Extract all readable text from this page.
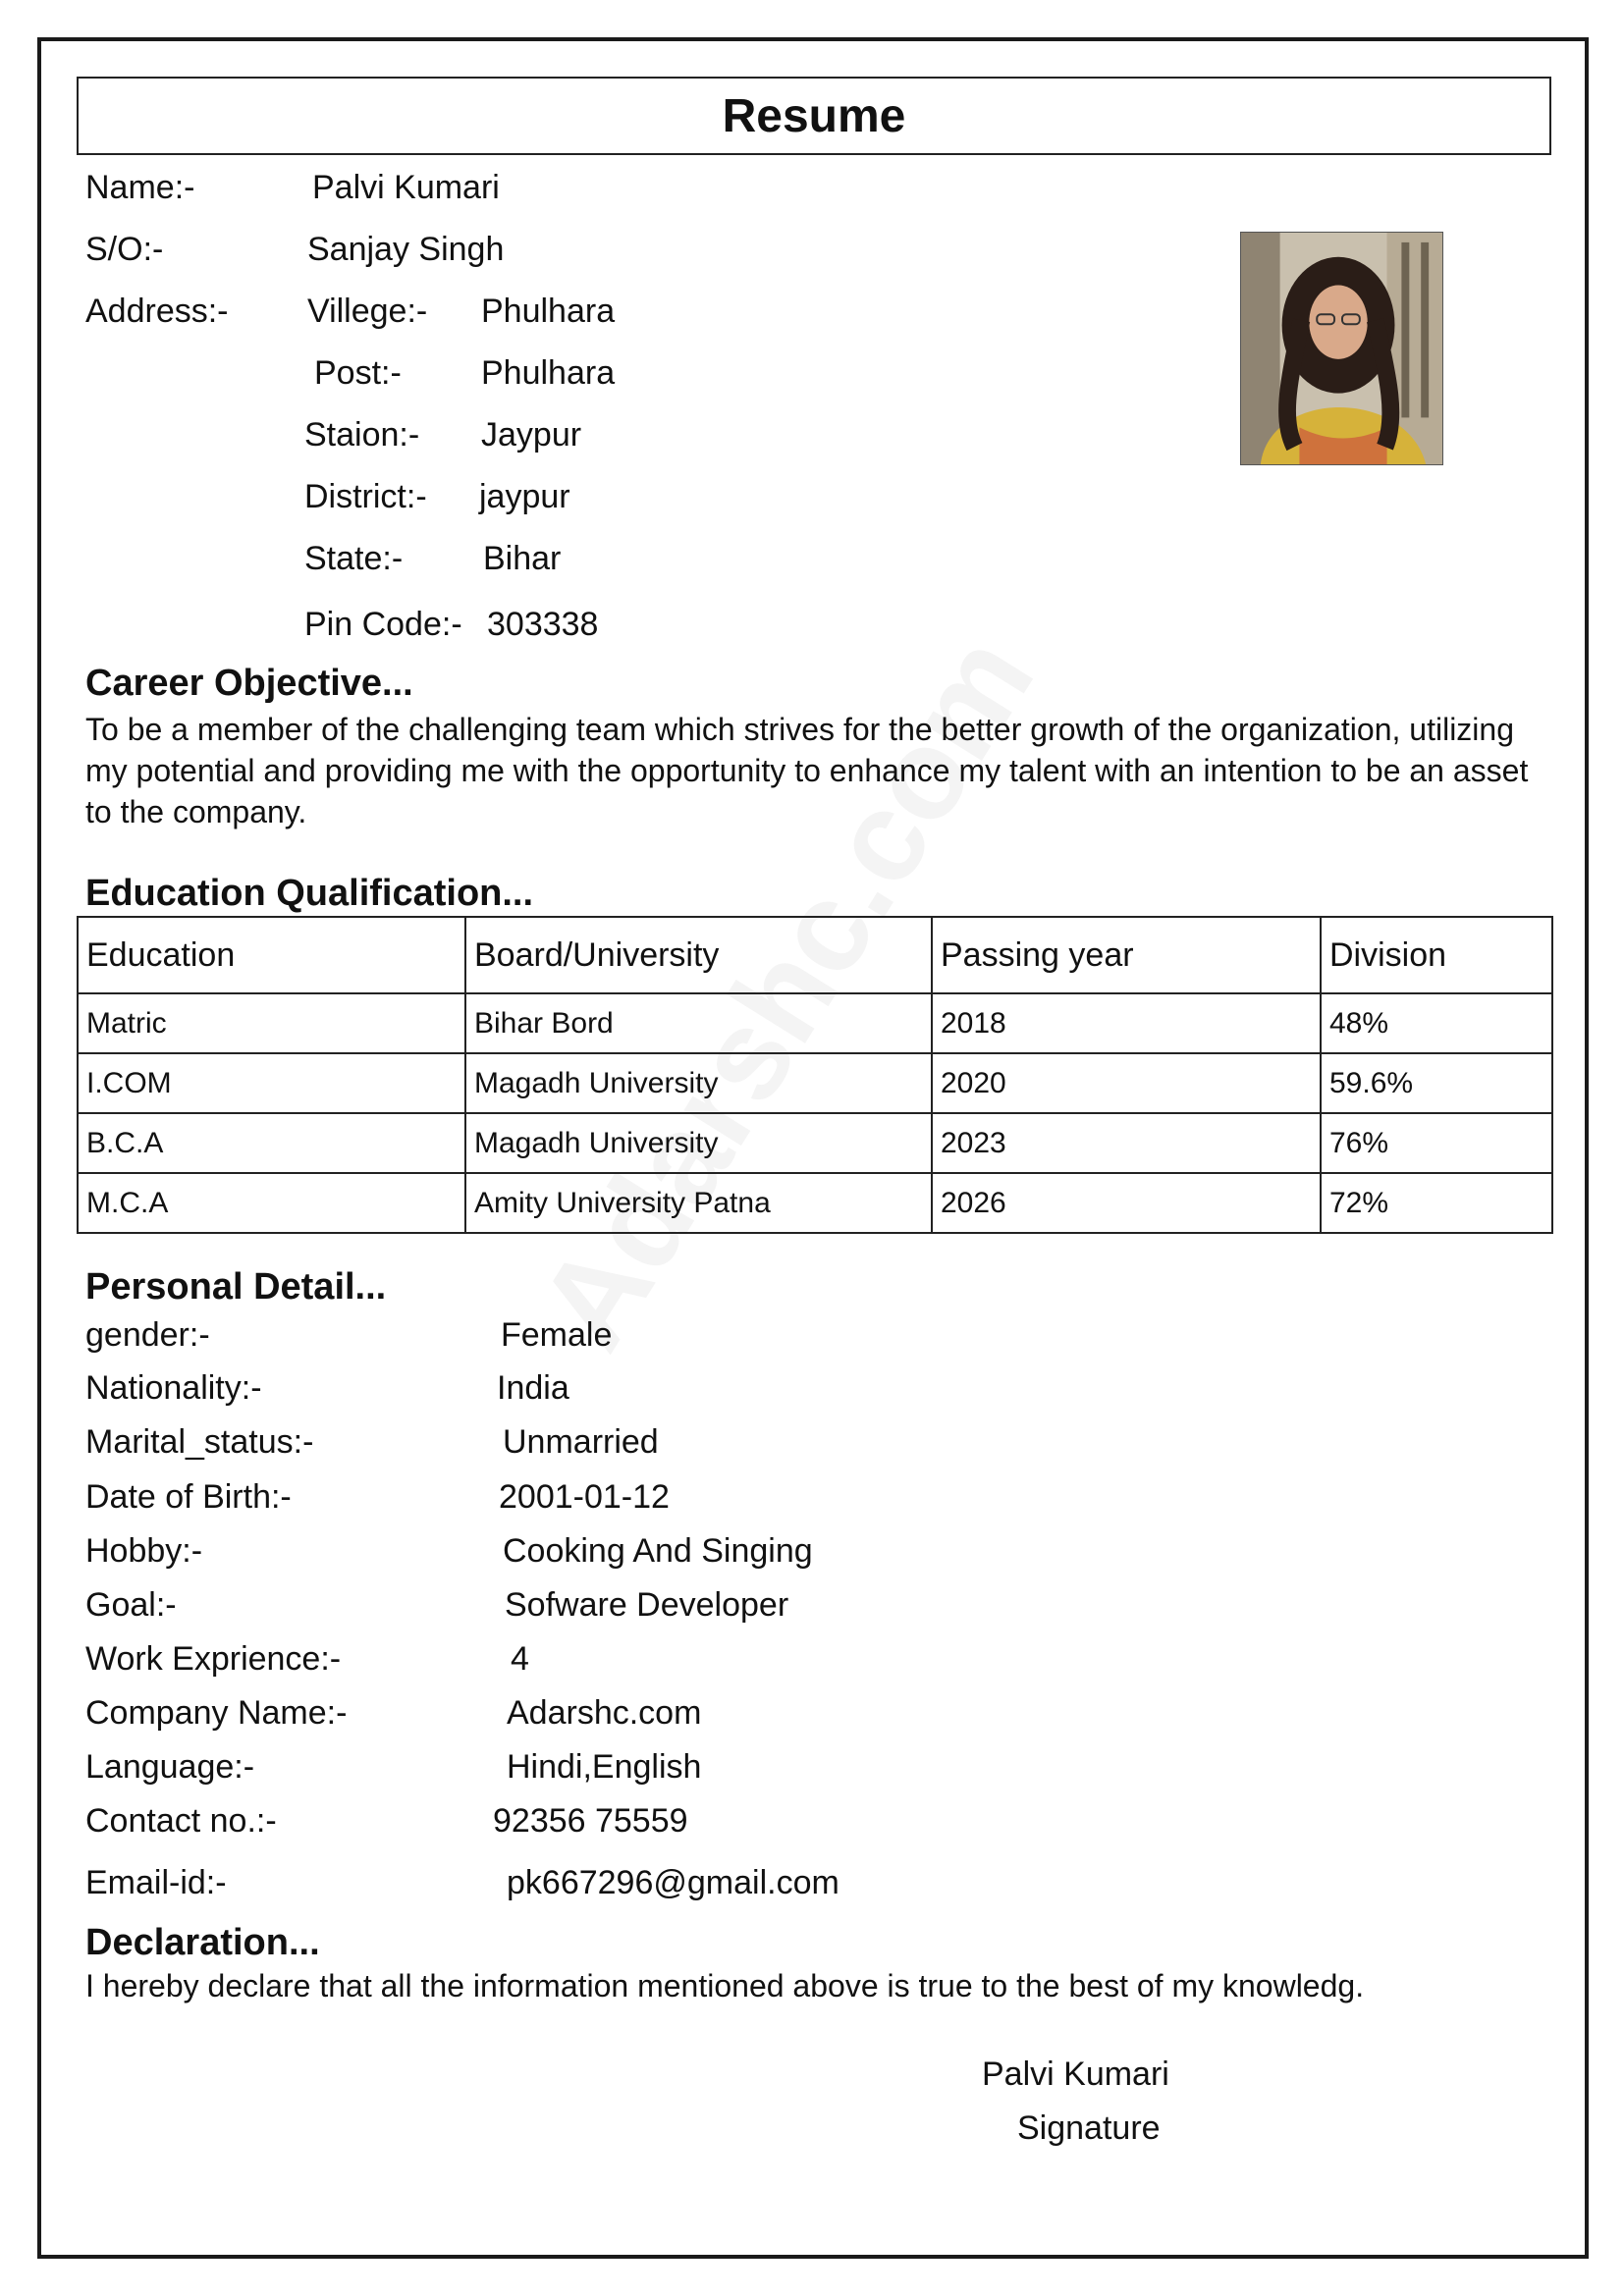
Resume
Name:-	Palvi Kumari
S/O:-	Sanjay Singh
Address:- Villege:- Phulhara
Post:- Phulhara
Staion:- Jaypur
District:- jaypur
State:- Bihar
Pin Code:- 303338
Career Objective...
To be a member of the challenging team which strives for the better growth of the organization, utilizing my potential and providing me with the opportunity to enhance my talent with an intention to be an asset to the company.
Education Qualification...
Education	Board/University	Passing year	Division
Matric	Bihar Bord	2018	48%
I.COM	Magadh University	2020	59.6%
B.C.A	Magadh University	2023	76%
M.C.A	Amity University Patna	2026	72%
Personal Detail...
gender:-	Female
Nationality:-	India
Marital_status:-	Unmarried
Date of Birth:-	2001-01-12
Hobby:-	Cooking And Singing
Goal:-	Sofware Developer
Work Exprience:-	4
Company Name:-	Adarshc.com
Language:-	Hindi,English
Contact no.:-	92356 75559
Email-id:-	pk667296@gmail.com
Declaration...
I hereby declare that all the information mentioned above is true to the best of my knowledg.
Palvi Kumari
Signature
